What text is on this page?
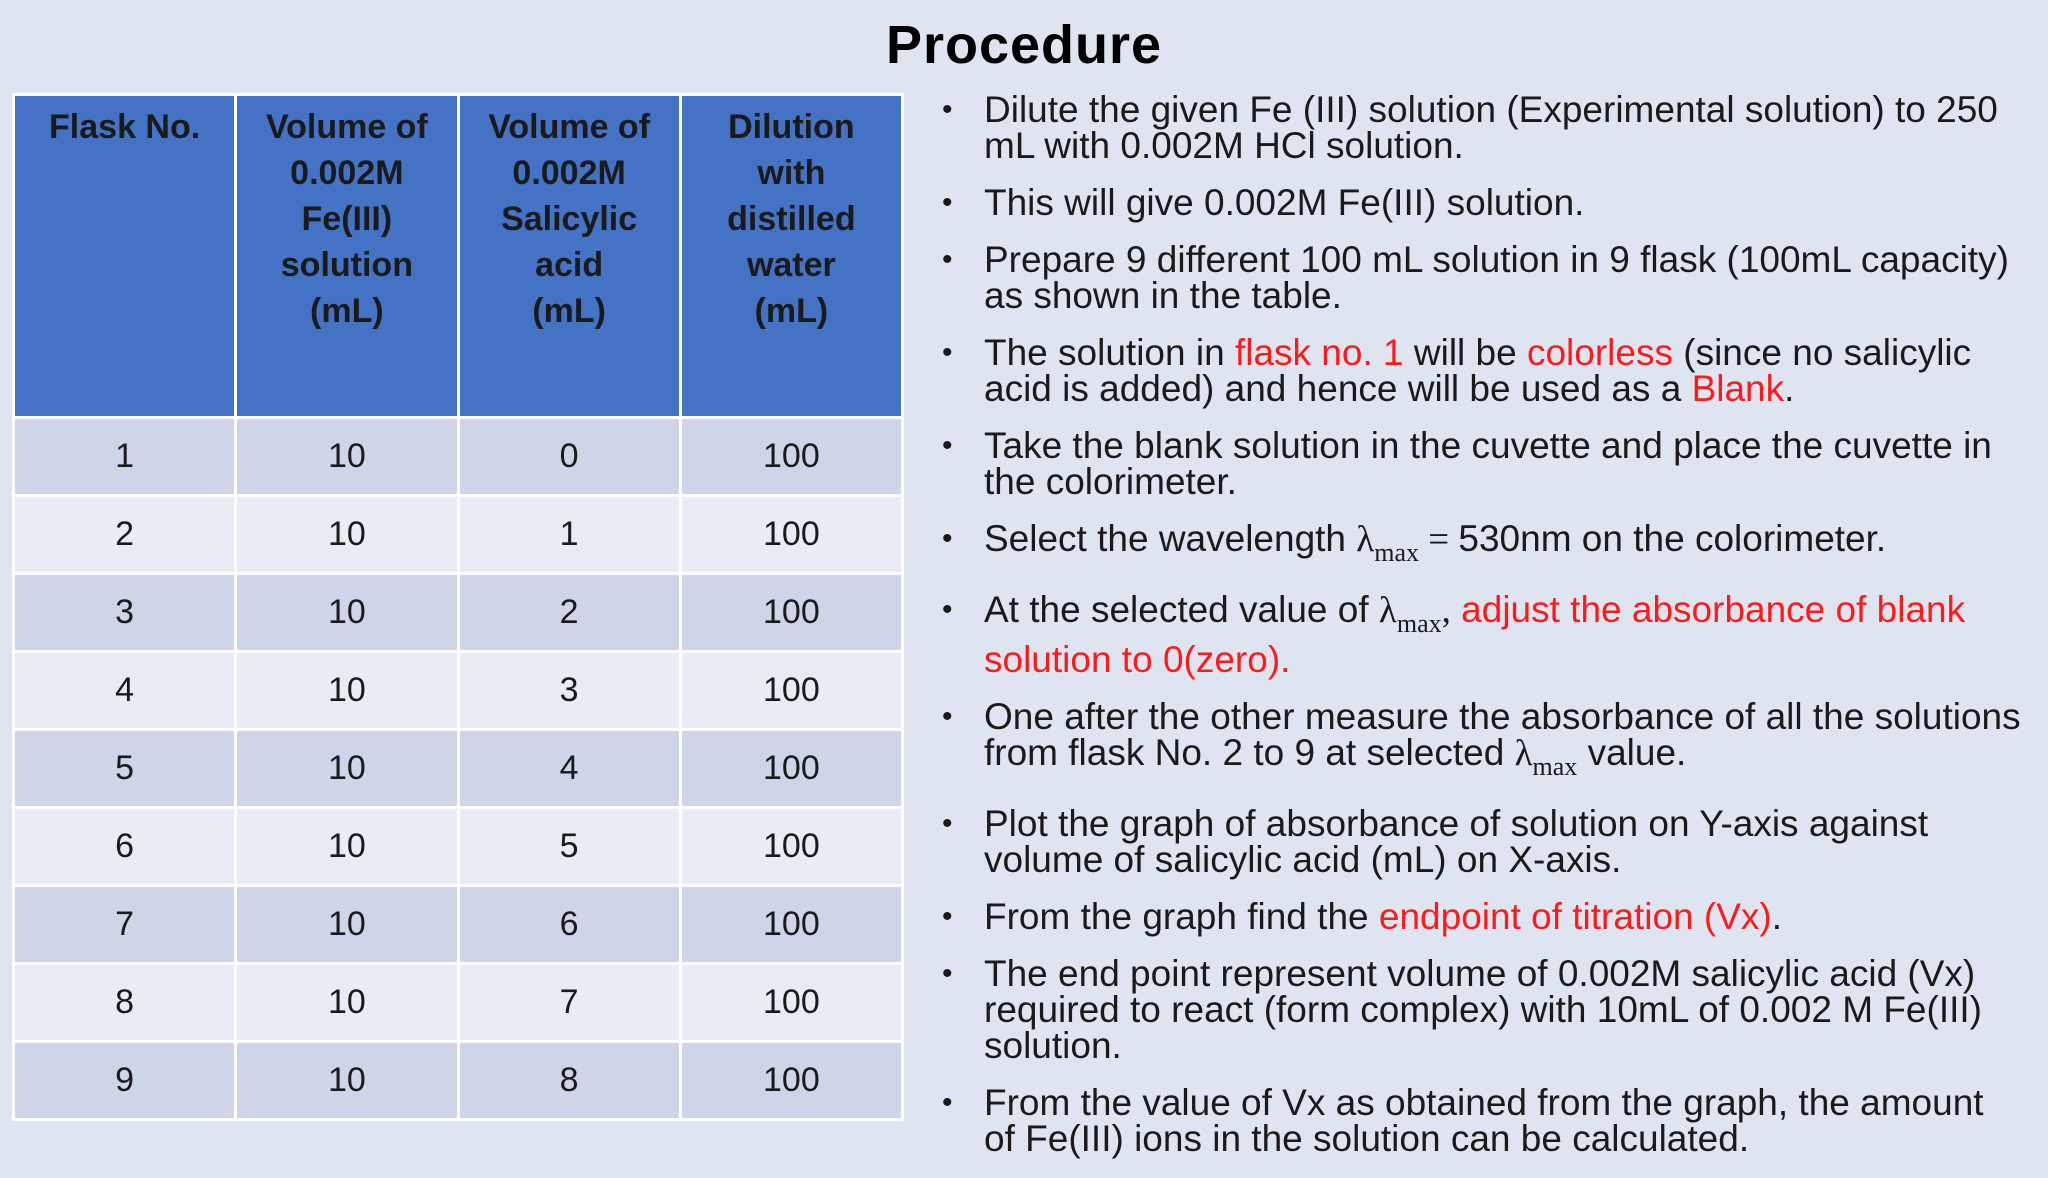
Procedure
Flask No.	Volume of
0.002M
Fe(III)
solution
(mL)	Volume of
0.002M
Salicylic
acid
(mL)	Dilution
with
distilled
water
(mL)

1	10	0	100
2	10	1	100
3	10	2	100
4	10	3	100
5	10	4	100
6	10	5	100
7	10	6	100
8	10	7	100
9	10	8	100
• Dilute the given Fe (III) solution (Experimental solution) to 250 mL with 0.002M HCl solution.
• This will give 0.002M Fe(III) solution.
• Prepare 9 different 100 mL solution in 9 flask (100mL capacity) as shown in the table.
• The solution in flask no. 1 will be colorless (since no salicylic acid is added) and hence will be used as a Blank.
• Take the blank solution in the cuvette and place the cuvette in the colorimeter.
• Select the wavelength $\lambda_{max} = 530nm$ on the colorimeter.
• At the selected value of $\lambda_{max}$, adjust the absorbance of blank solution to 0(zero).
• One after the other measure the absorbance of all the solutions from flask No. 2 to 9 at selected $\lambda_{max}$ value.
• Plot the graph of absorbance of solution on Y-axis against volume of salicylic acid (mL) on X-axis.
• From the graph find the endpoint of titration (Vx).
• The end point represent volume of 0.002M salicylic acid (Vx) required to react (form complex) with 10mL of 0.002 M Fe(III) solution.
• From the value of Vx as obtained from the graph, the amount of Fe(III) ions in the solution can be calculated.
